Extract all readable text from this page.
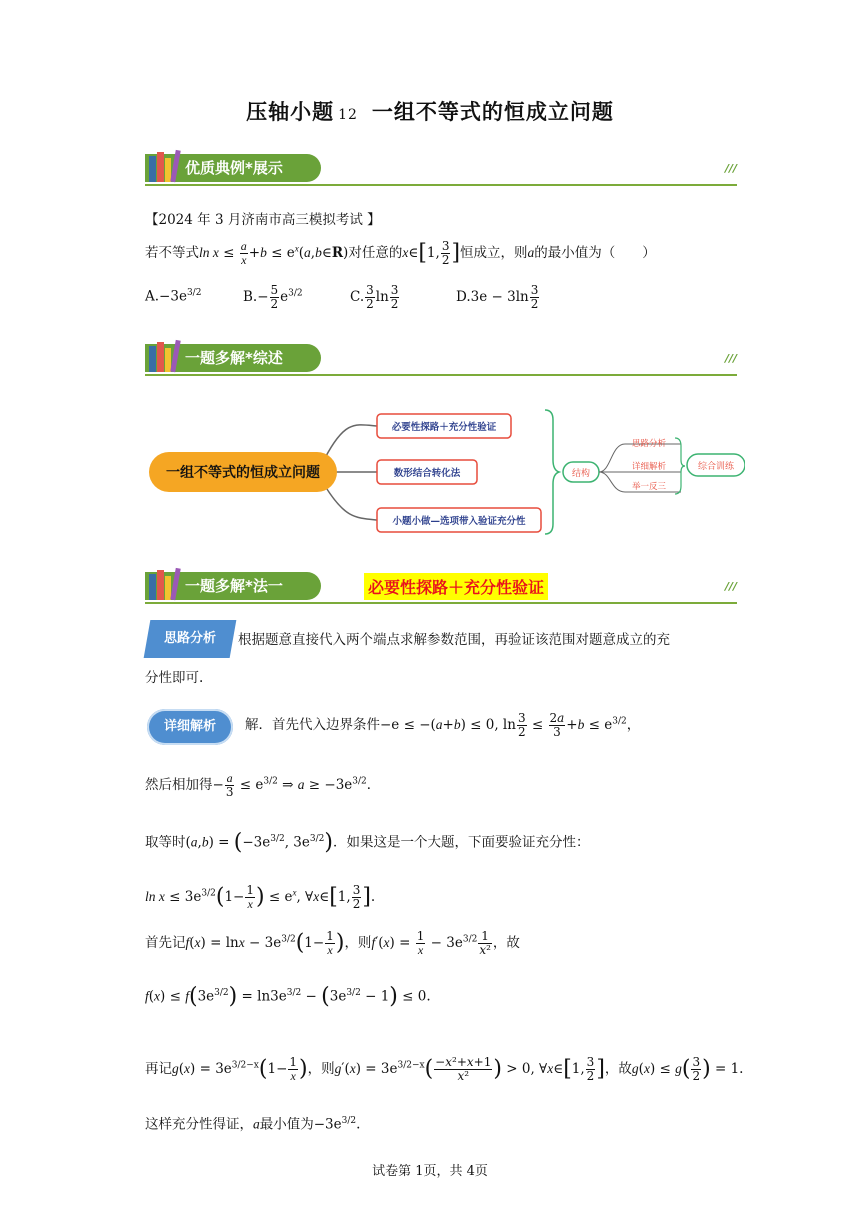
压轴小题 12 一组不等式的恒成立问题
优质典例*展示	///
【2024 年 3 月济南市高三模拟考试 】
若不等式$\ln x \le \frac{a}{x} +b$ ≤ $e^x(a,b\in R)$对任意的x∈[1, $\frac{3}{2}$ ]恒成立，则a的最小值为（　　）
$A.-3e^{3/2}$	$B.- \frac{5}{2} e^{3/2}$	C. $\frac{3}{2}$ $\ln \frac{3}{2}$	$D.3e - 3\ln \frac{3}{2}$
一题多解*综述	///
一组不等式的恒成立问题
必要性探路＋充分性验证
数形结合转化法
小题小做—选项带入验证充分性
结构
思路分析
详细解析
举一反三
综合训练
一题多解*法一	///
必要性探路＋充分性验证
思路分析	根据题意直接代入两个端点求解参数范围，再验证该范围对题意成立的充
分性即可.
详细解析	解．首先代入边界条件−e ≤ −(a+b) ≤ 0, $\ln \frac{3}{2} \le \frac{2a}{3} +b \le e^{3/2}$，
然后相加得− $\frac{a}{3} \le e^{3/2}$ ⇒ $a \ge -3e^{3/2}$．
取等时$(a,b) = (-3e^{3/2}$, $3e^{3/2}$)．如果这是一个大题，下面要验证充分性：
$\ln x \le 3e^{3/2}(1- \frac{1}{x}$ ) ≤ $e^x$, ∀x∈[1, $\frac{3}{2}$ ].
首先记$f(x) = \ln x - 3e^{3/2}(1- \frac{1}{x}$ )，则$f'(x) = \frac{1}{x} - 3e^{3/2} \frac{1}{\text{x²}}$ ，故
$f(x) \le f(3e^{3/2}) = \ln 3e^{3/2} - (3e^{3/2} - 1) \le 0$.
再记$g(x) = 3e^{3/2-x}(1- \frac{1}{x}$ )，则$g'(x) = 3e^{3/2-x}( \frac{\text{−x²+x+1}}{\text{x²}}$ ) > 0, ∀x∈[1, $\frac{3}{2}$ ]，故$g(x) \le g( \frac{3}{2}$ ) = 1.
这样充分性得证，a最小值为$-3e^{3/2}$.
试卷第 1页，共 4页
